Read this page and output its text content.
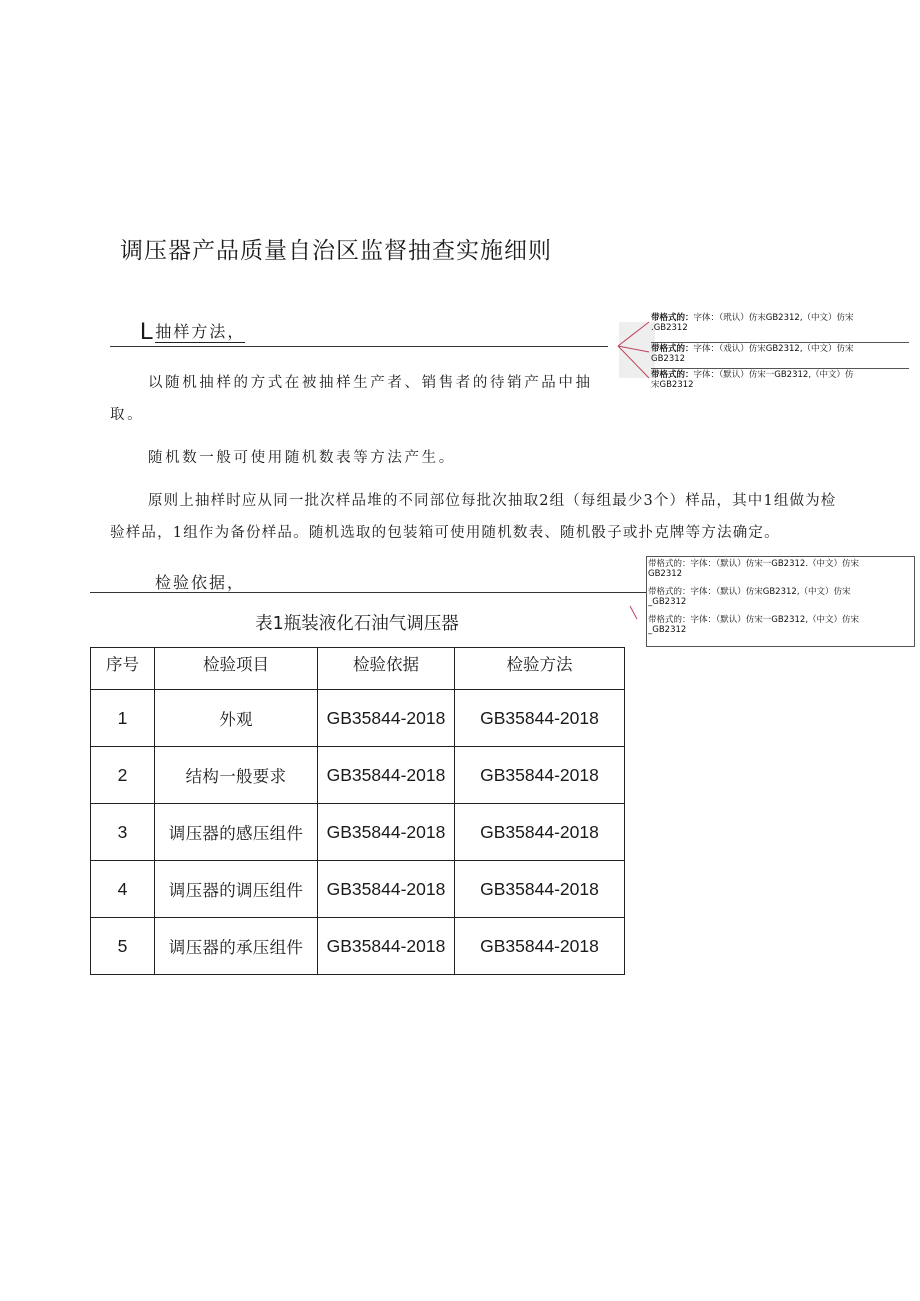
调压器产品质量自治区监督抽查实施细则
L抽样方法，
以随机抽样的方式在被抽样生产者、销售者的待销产品中抽
取。
随机数一般可使用随机数表等方法产生。
原则上抽样时应从同一批次样品堆的不同部位每批次抽取2组（每组最少3个）样品，其中1组做为检
验样品，1组作为备份样品。随机选取的包装箱可使用随机数表、随机骰子或扑克牌等方法确定。
检验依据，
表1瓶装液化石油气调压器
序号	检验项目	检验依据	检验方法
1	外观	GB35844-2018	GB35844-2018
2	结构一般要求	GB35844-2018	GB35844-2018
3	调压器的感压组件	GB35844-2018	GB35844-2018
4	调压器的调压组件	GB35844-2018	GB35844-2018
5	调压器的承压组件	GB35844-2018	GB35844-2018
带格式的：字体：（玳认）仿末GB2312,（中文）仿宋
.GB2312
带格式的：字体：（戏认）仿宋GB2312,（中文）仿宋
GB2312
带格式的：字体：（默认）仿宋一GB2312,（中文）仿
宋GB2312
带格式的：字体：（默认）仿宋一GB2312.（中文）仿宋
GB2312
带格式的：字体：（默认）仿宋GB2312,（中文）仿宋
_GB2312
带格式的：字体：（默认）仿宋一GB2312,（中文）仿宋
_GB2312
